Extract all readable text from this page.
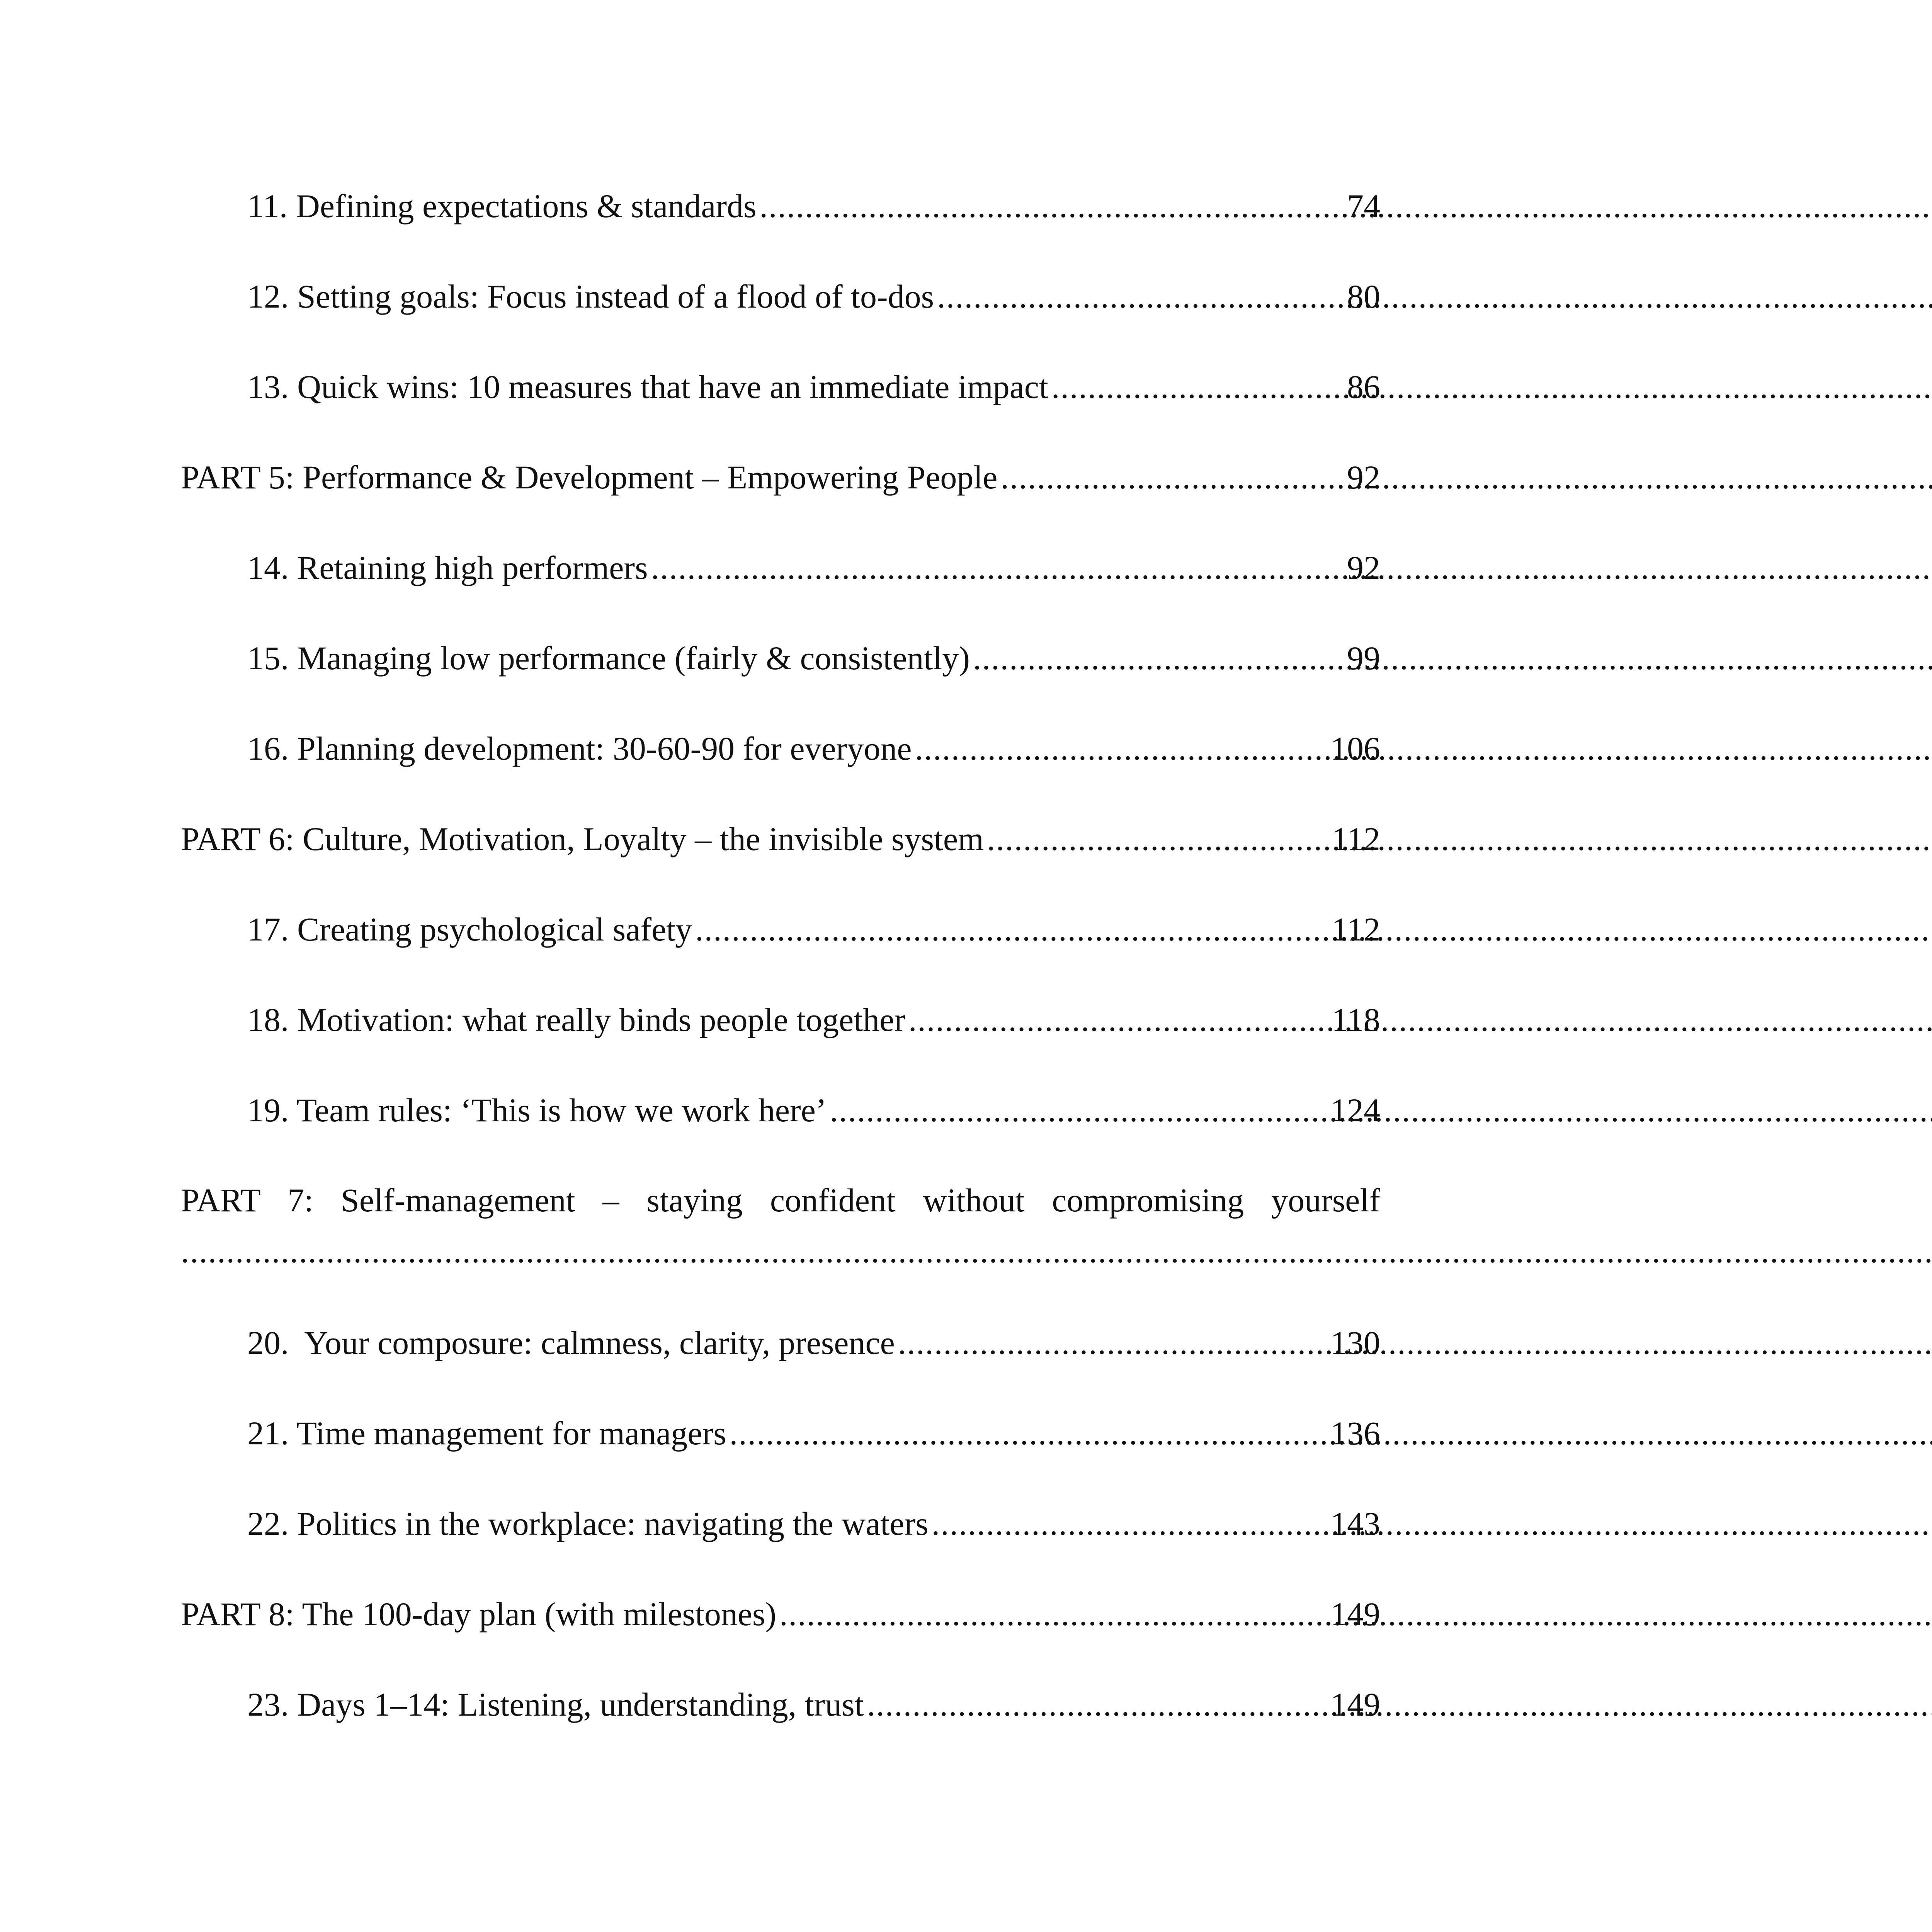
11. Defining expectations & standards .....	74
12. Setting goals: Focus instead of a flood of to-dos .....	80
13. Quick wins: 10 measures that have an immediate impact .....	86
PART 5: Performance & Development – Empowering People .....	92
14. Retaining high performers .....	92
15. Managing low performance (fairly & consistently) .....	99
16. Planning development: 30-60-90 for everyone .....	106
PART 6: Culture, Motivation, Loyalty – the invisible system .....	112
17. Creating psychological safety .....	112
18. Motivation: what really binds people together .....	118
19. Team rules: ‘This is how we work here’ .....	124
PART 7: Self-management – staying confident without compromising yourself
.....
20.  Your composure: calmness, clarity, presence .....	130
21. Time management for managers .....	136
22. Politics in the workplace: navigating the waters .....	143
PART 8: The 100-day plan (with milestones) .....	149
23. Days 1–14: Listening, understanding, trust .....	149
